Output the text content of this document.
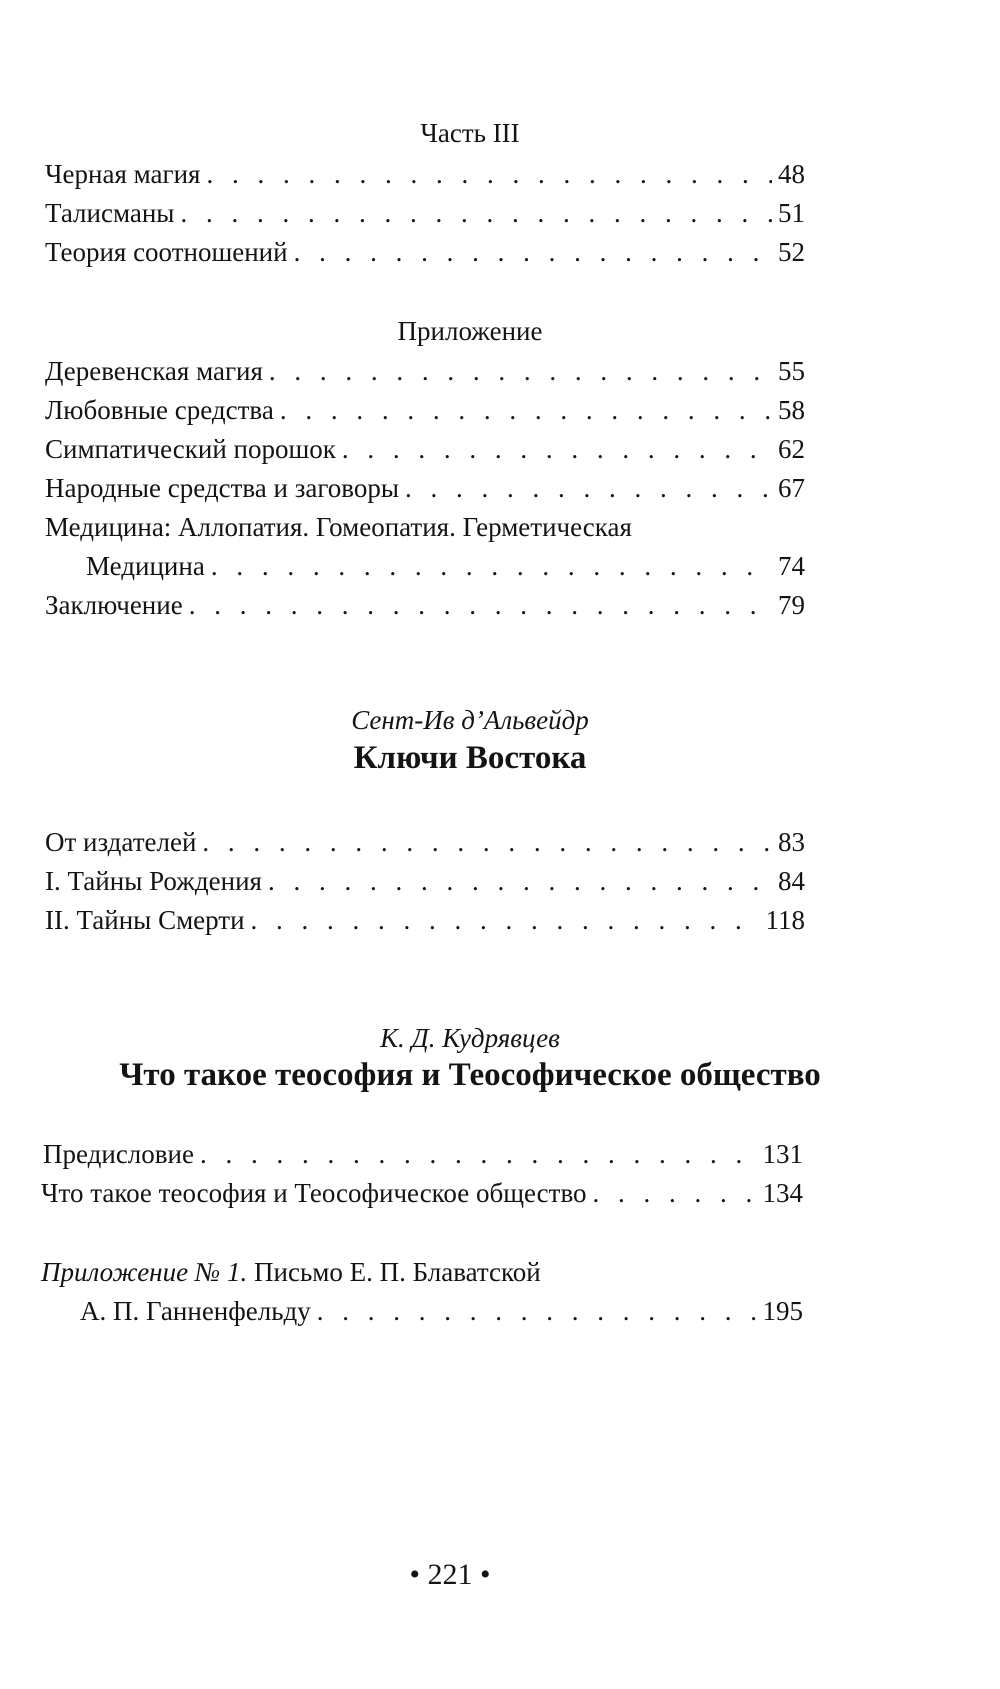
Часть III
Черная магия . . .	48
Талисманы . . .	51
Теория соотношений . . .	52
Приложение
Деревенская магия . . .	55
Любовные средства . . .	58
Симпатический порошок . . .	62
Народные средства и заговоры . . .	67
Медицина: Аллопатия. Гомеопатия. Герметическая
Медицина . . .	74
Заключение . . .	79
Сент-Ив д’Альвейдр
Ключи Востока
От издателей . . .	83
I. Тайны Рождения . . .	84
II. Тайны Смерти . . .	118
К. Д. Кудрявцев
Что такое теософия и Теософическое общество
Предисловие . . .	131
Что такое теософия и Теософическое общество . . .	134
Приложение № 1. Письмо Е. П. Блаватской
А. П. Ганненфельду . . .	195
• 221 •
